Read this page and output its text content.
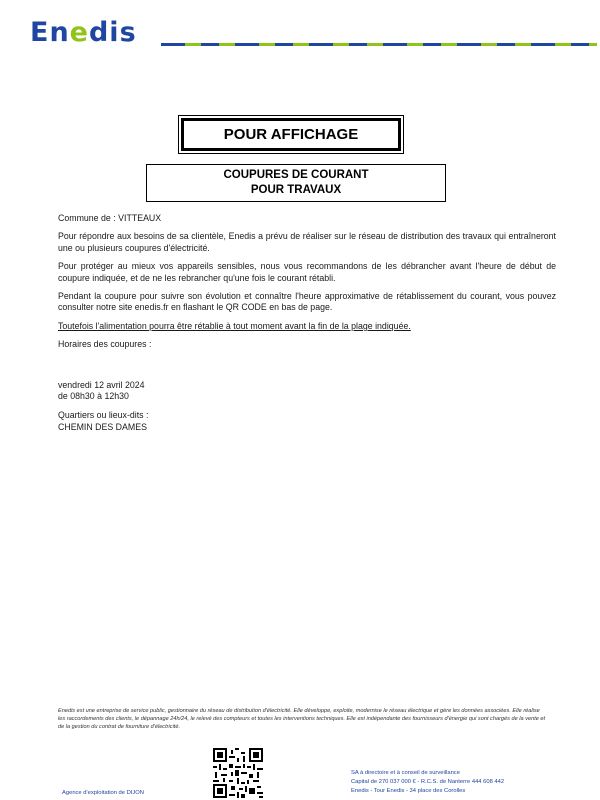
Enedis
POUR AFFICHAGE
COUPURES DE COURANT
POUR TRAVAUX

Commune de : VITTEAUX

Pour répondre aux besoins de sa clientèle, Enedis a prévu de réaliser sur le réseau de distribution des travaux qui entraîneront une ou plusieurs coupures d'électricité.

Pour protéger au mieux vos appareils sensibles, nous vous recommandons de les débrancher avant l'heure de début de coupure indiquée, et de ne les rebrancher qu'une fois le courant rétabli.

Pendant la coupure pour suivre son évolution et connaître l'heure approximative de rétablissement du courant, vous pouvez consulter notre site enedis.fr en flashant le QR CODE en bas de page.

Toutefois l'alimentation pourra être rétablie à tout moment avant la fin de la plage indiquée.

Horaires des coupures :

vendredi 12 avril 2024
de 08h30 à 12h30
Quartiers ou lieux-dits :
CHEMIN DES DAMES
Enedis est une entreprise de service public, gestionnaire du réseau de distribution d'électricité. Elle développe, exploite, modernise le réseau électrique et gère les données associées. Elle réalise les raccordements des clients, le dépannage 24h/24, le relevé des compteurs et toutes les interventions techniques. Elle est indépendante des fournisseurs d'énergie qui sont chargés de la vente et de la gestion du contrat de fourniture d'électricité.
Agence d'exploitation de DIJON
SA à directoire et à conseil de surveillance
Capital de 270 037 000 € - R.C.S. de Nanterre 444 608 442
Enedis - Tour Enedis - 34 place des Corolles
